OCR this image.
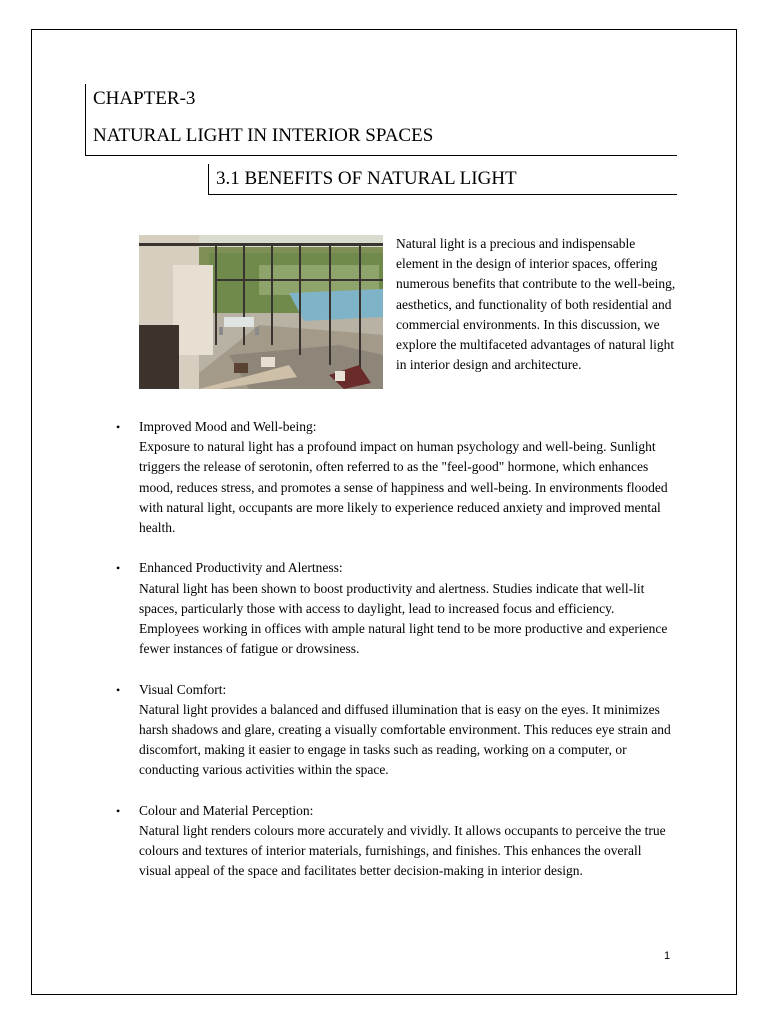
CHAPTER-3
NATURAL LIGHT IN INTERIOR SPACES
3.1 BENEFITS OF NATURAL LIGHT
Natural light is a precious and indispensable element in the design of interior spaces, offering numerous benefits that contribute to the well-being, aesthetics, and functionality of both residential and commercial environments. In this discussion, we explore the multifaceted advantages of natural light in interior design and architecture.
• Improved Mood and Well-being:
Exposure to natural light has a profound impact on human psychology and well-being. Sunlight triggers the release of serotonin, often referred to as the "feel-good" hormone, which enhances mood, reduces stress, and promotes a sense of happiness and well-being. In environments flooded with natural light, occupants are more likely to experience reduced anxiety and improved mental health.
• Enhanced Productivity and Alertness:
Natural light has been shown to boost productivity and alertness. Studies indicate that well-lit spaces, particularly those with access to daylight, lead to increased focus and efficiency. Employees working in offices with ample natural light tend to be more productive and experience fewer instances of fatigue or drowsiness.
• Visual Comfort:
Natural light provides a balanced and diffused illumination that is easy on the eyes. It minimizes harsh shadows and glare, creating a visually comfortable environment. This reduces eye strain and discomfort, making it easier to engage in tasks such as reading, working on a computer, or conducting various activities within the space.
• Colour and Material Perception:
Natural light renders colours more accurately and vividly. It allows occupants to perceive the true colours and textures of interior materials, furnishings, and finishes. This enhances the overall visual appeal of the space and facilitates better decision-making in interior design.
1
